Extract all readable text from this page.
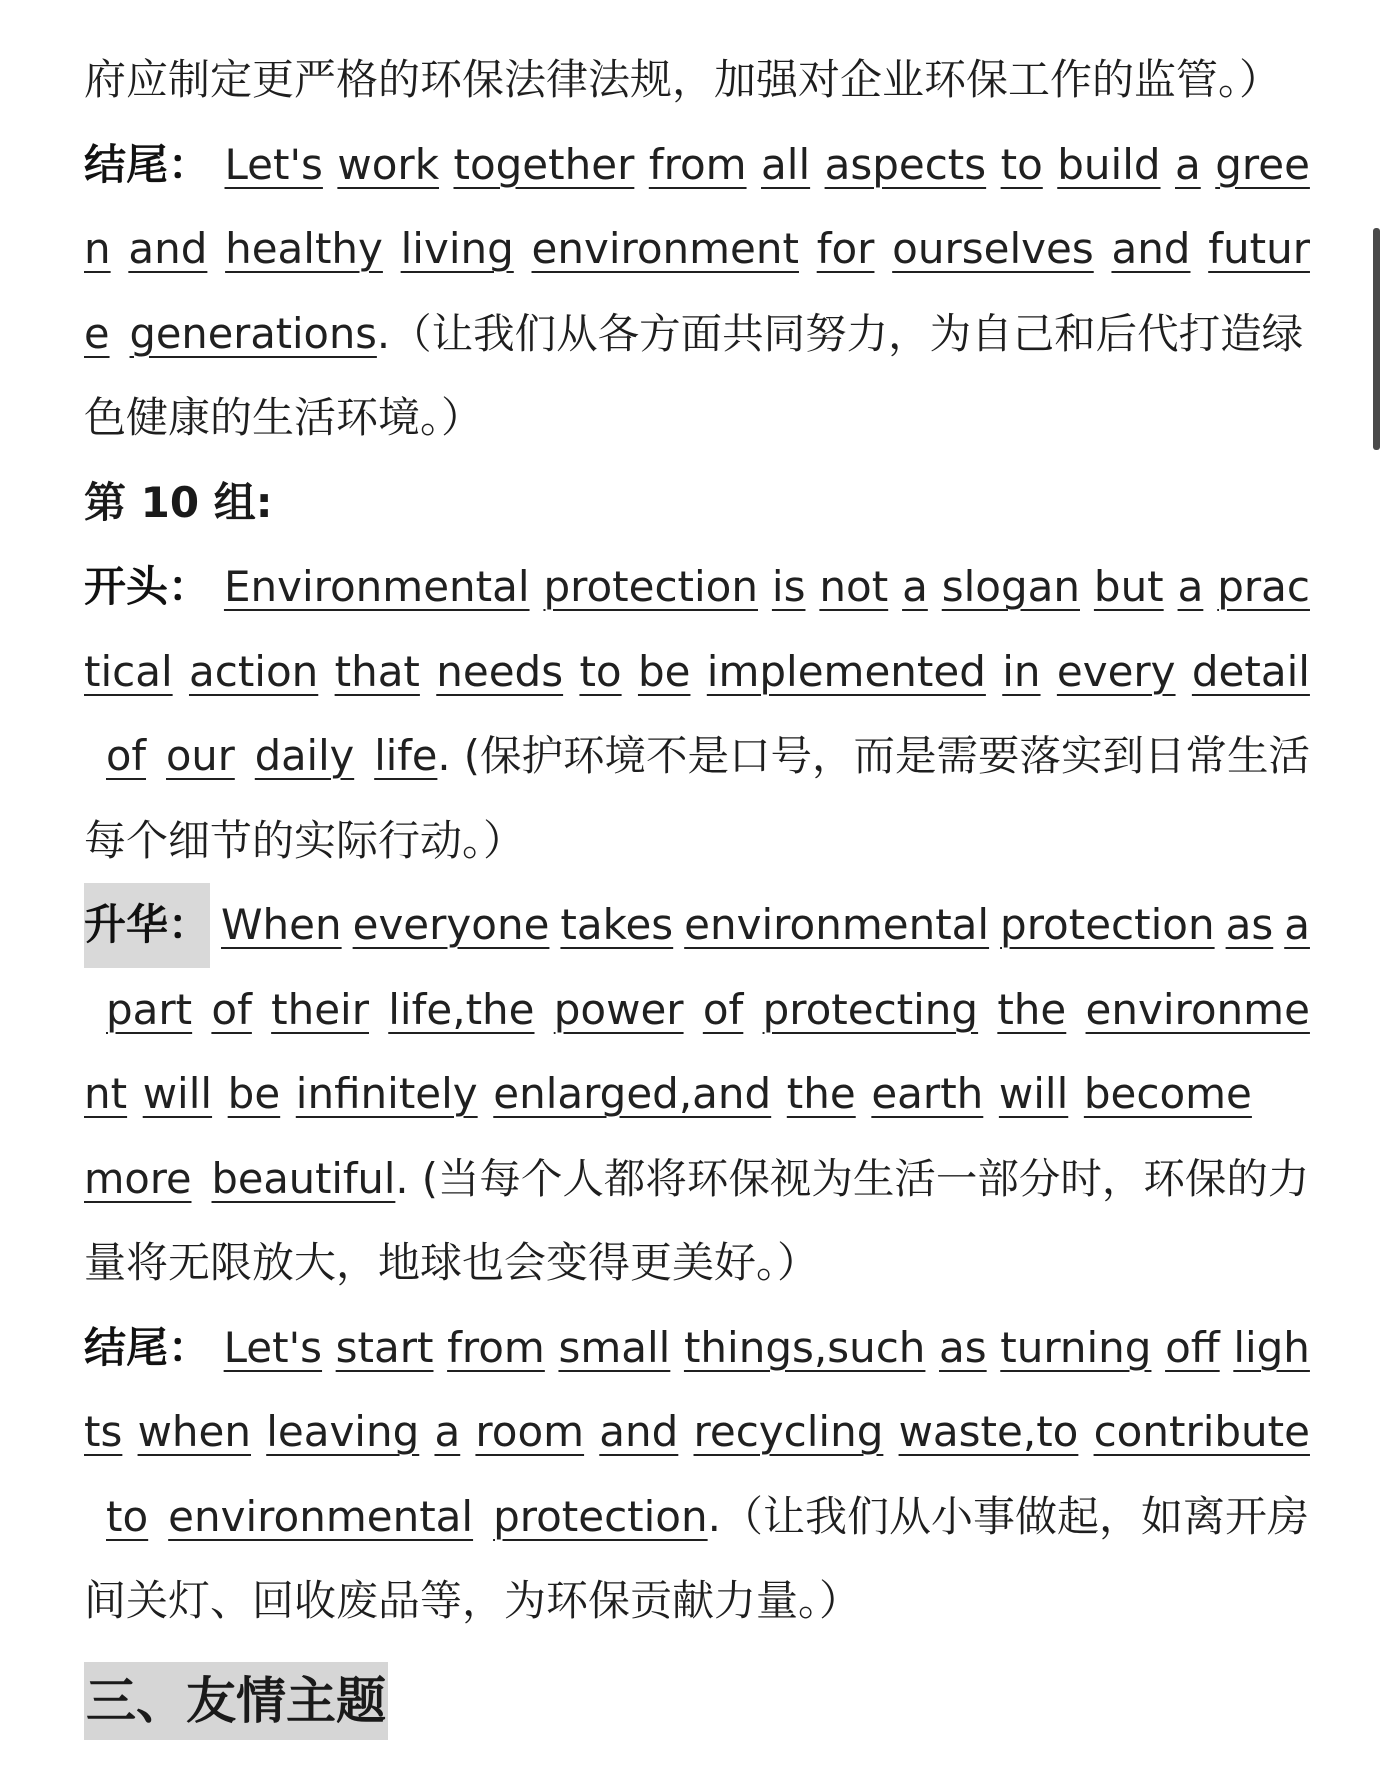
府应制定更严格的环保法律法规，加强对企业环保工作的监管。）
结尾： Let's work together from all aspects to build a gree
n and healthy living environment for ourselves and futur
e generations .（让我们从各方面共同努力，为自己和后代打造绿
色健康的生活环境。）
第 10 组:
开头： Environmental protection is not a slogan but a prac
tical action that needs to be implemented in every detail
of our daily life . (保护环境不是口号，而是需要落实到日常生活
每个细节的实际行动。）
升华： When everyone takes environmental protection as a
part of their life,the power of protecting the environme
nt will be infinitely enlarged,and the earth will become
more beautiful . (当每个人都将环保视为生活一部分时，环保的力
量将无限放大，地球也会变得更美好。）
结尾： Let's start from small things,such as turning off ligh
ts when leaving a room and recycling waste,to contribute
to environmental protection .（让我们从小事做起，如离开房
间关灯、回收废品等，为环保贡献力量。）
三、友情主题
